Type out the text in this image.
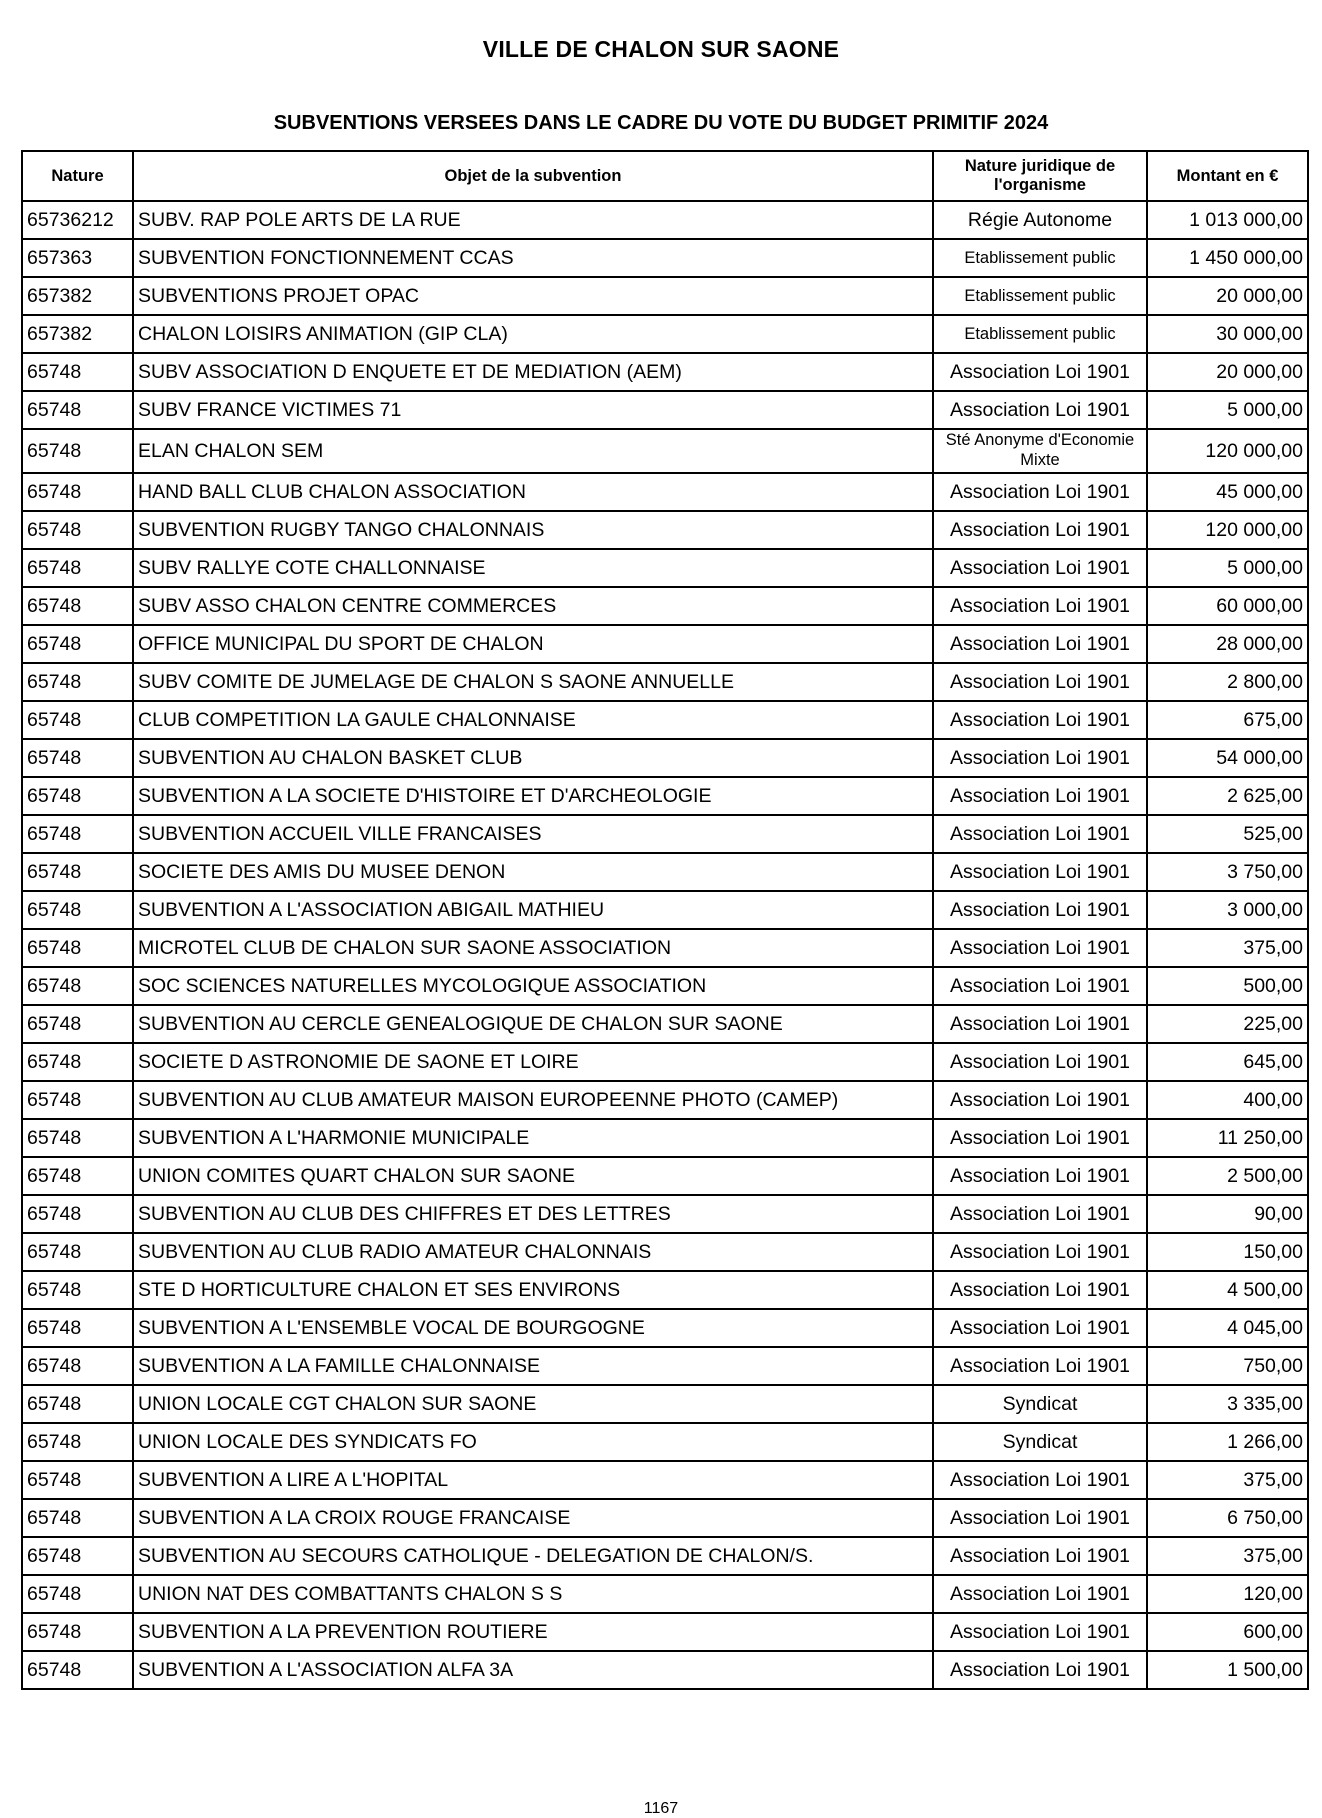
VILLE DE CHALON SUR SAONE
SUBVENTIONS VERSEES DANS LE CADRE DU VOTE DU BUDGET PRIMITIF 2024
Nature	Objet de la subvention	Nature juridique de l'organisme	Montant en €
65736212	SUBV. RAP POLE ARTS DE LA RUE	Régie Autonome	1 013 000,00
657363	SUBVENTION FONCTIONNEMENT CCAS	Etablissement public	1 450 000,00
657382	SUBVENTIONS PROJET OPAC	Etablissement public	20 000,00
657382	CHALON LOISIRS ANIMATION (GIP CLA)	Etablissement public	30 000,00
65748	SUBV ASSOCIATION D ENQUETE ET DE MEDIATION (AEM)	Association Loi 1901	20 000,00
65748	SUBV FRANCE VICTIMES 71	Association Loi 1901	5 000,00
65748	ELAN CHALON SEM	Sté Anonyme d'Economie Mixte	120 000,00
65748	HAND BALL CLUB CHALON ASSOCIATION	Association Loi 1901	45 000,00
65748	SUBVENTION RUGBY TANGO CHALONNAIS	Association Loi 1901	120 000,00
65748	SUBV RALLYE COTE CHALLONNAISE	Association Loi 1901	5 000,00
65748	SUBV ASSO CHALON CENTRE COMMERCES	Association Loi 1901	60 000,00
65748	OFFICE MUNICIPAL DU SPORT DE CHALON	Association Loi 1901	28 000,00
65748	SUBV COMITE DE JUMELAGE DE CHALON S SAONE ANNUELLE	Association Loi 1901	2 800,00
65748	CLUB COMPETITION LA GAULE CHALONNAISE	Association Loi 1901	675,00
65748	SUBVENTION AU CHALON BASKET CLUB	Association Loi 1901	54 000,00
65748	SUBVENTION A LA SOCIETE D'HISTOIRE ET D'ARCHEOLOGIE	Association Loi 1901	2 625,00
65748	SUBVENTION ACCUEIL VILLE FRANCAISES	Association Loi 1901	525,00
65748	SOCIETE DES AMIS DU MUSEE DENON	Association Loi 1901	3 750,00
65748	SUBVENTION A L'ASSOCIATION ABIGAIL MATHIEU	Association Loi 1901	3 000,00
65748	MICROTEL CLUB DE CHALON SUR SAONE ASSOCIATION	Association Loi 1901	375,00
65748	SOC SCIENCES NATURELLES MYCOLOGIQUE ASSOCIATION	Association Loi 1901	500,00
65748	SUBVENTION AU CERCLE GENEALOGIQUE DE CHALON SUR SAONE	Association Loi 1901	225,00
65748	SOCIETE D ASTRONOMIE DE SAONE ET LOIRE	Association Loi 1901	645,00
65748	SUBVENTION AU CLUB AMATEUR MAISON EUROPEENNE PHOTO (CAMEP)	Association Loi 1901	400,00
65748	SUBVENTION A L'HARMONIE MUNICIPALE	Association Loi 1901	11 250,00
65748	UNION COMITES QUART CHALON SUR SAONE	Association Loi 1901	2 500,00
65748	SUBVENTION AU CLUB DES CHIFFRES ET DES LETTRES	Association Loi 1901	90,00
65748	SUBVENTION AU CLUB RADIO AMATEUR CHALONNAIS	Association Loi 1901	150,00
65748	STE D HORTICULTURE CHALON ET SES ENVIRONS	Association Loi 1901	4 500,00
65748	SUBVENTION A L'ENSEMBLE VOCAL DE BOURGOGNE	Association Loi 1901	4 045,00
65748	SUBVENTION A LA FAMILLE CHALONNAISE	Association Loi 1901	750,00
65748	UNION LOCALE CGT CHALON SUR SAONE	Syndicat	3 335,00
65748	UNION LOCALE DES SYNDICATS FO	Syndicat	1 266,00
65748	SUBVENTION A LIRE A L'HOPITAL	Association Loi 1901	375,00
65748	SUBVENTION A LA CROIX ROUGE FRANCAISE	Association Loi 1901	6 750,00
65748	SUBVENTION AU SECOURS CATHOLIQUE - DELEGATION DE CHALON/S.	Association Loi 1901	375,00
65748	UNION NAT DES COMBATTANTS CHALON S S	Association Loi 1901	120,00
65748	SUBVENTION A LA PREVENTION ROUTIERE	Association Loi 1901	600,00
65748	SUBVENTION A L'ASSOCIATION ALFA 3A	Association Loi 1901	1 500,00
1167
